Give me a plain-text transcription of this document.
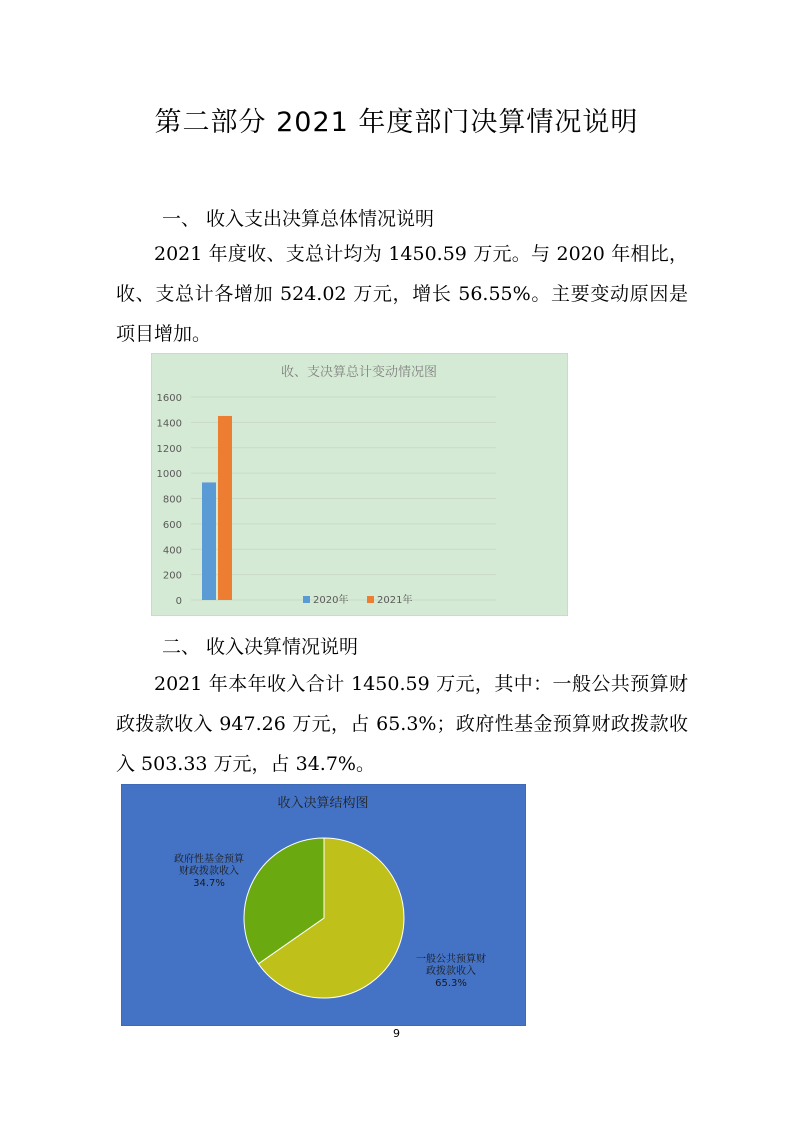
第二部分 2021 年度部门决算情况说明
一、 收入支出决算总体情况说明

2021 年度收、支总计均为 1450.59 万元。与 2020 年相比，收、支总计各增加 524.02 万元，增长 56.55%。主要变动原因是项目增加。

收、支决算总计变动情况图
0
200
400
600
800
1000
1200
1400
1600
2020年	2021年
二、 收入决算情况说明

2021 年本年收入合计 1450.59 万元，其中：一般公共预算财政拨款收入 947.26 万元，占 65.3%；政府性基金预算财政拨款收入 503.33 万元，占 34.7%。

收入决算结构图
一般公共预算财
政拨款收入
65.3%
政府性基金预算
财政拨款收入
34.7%
9
